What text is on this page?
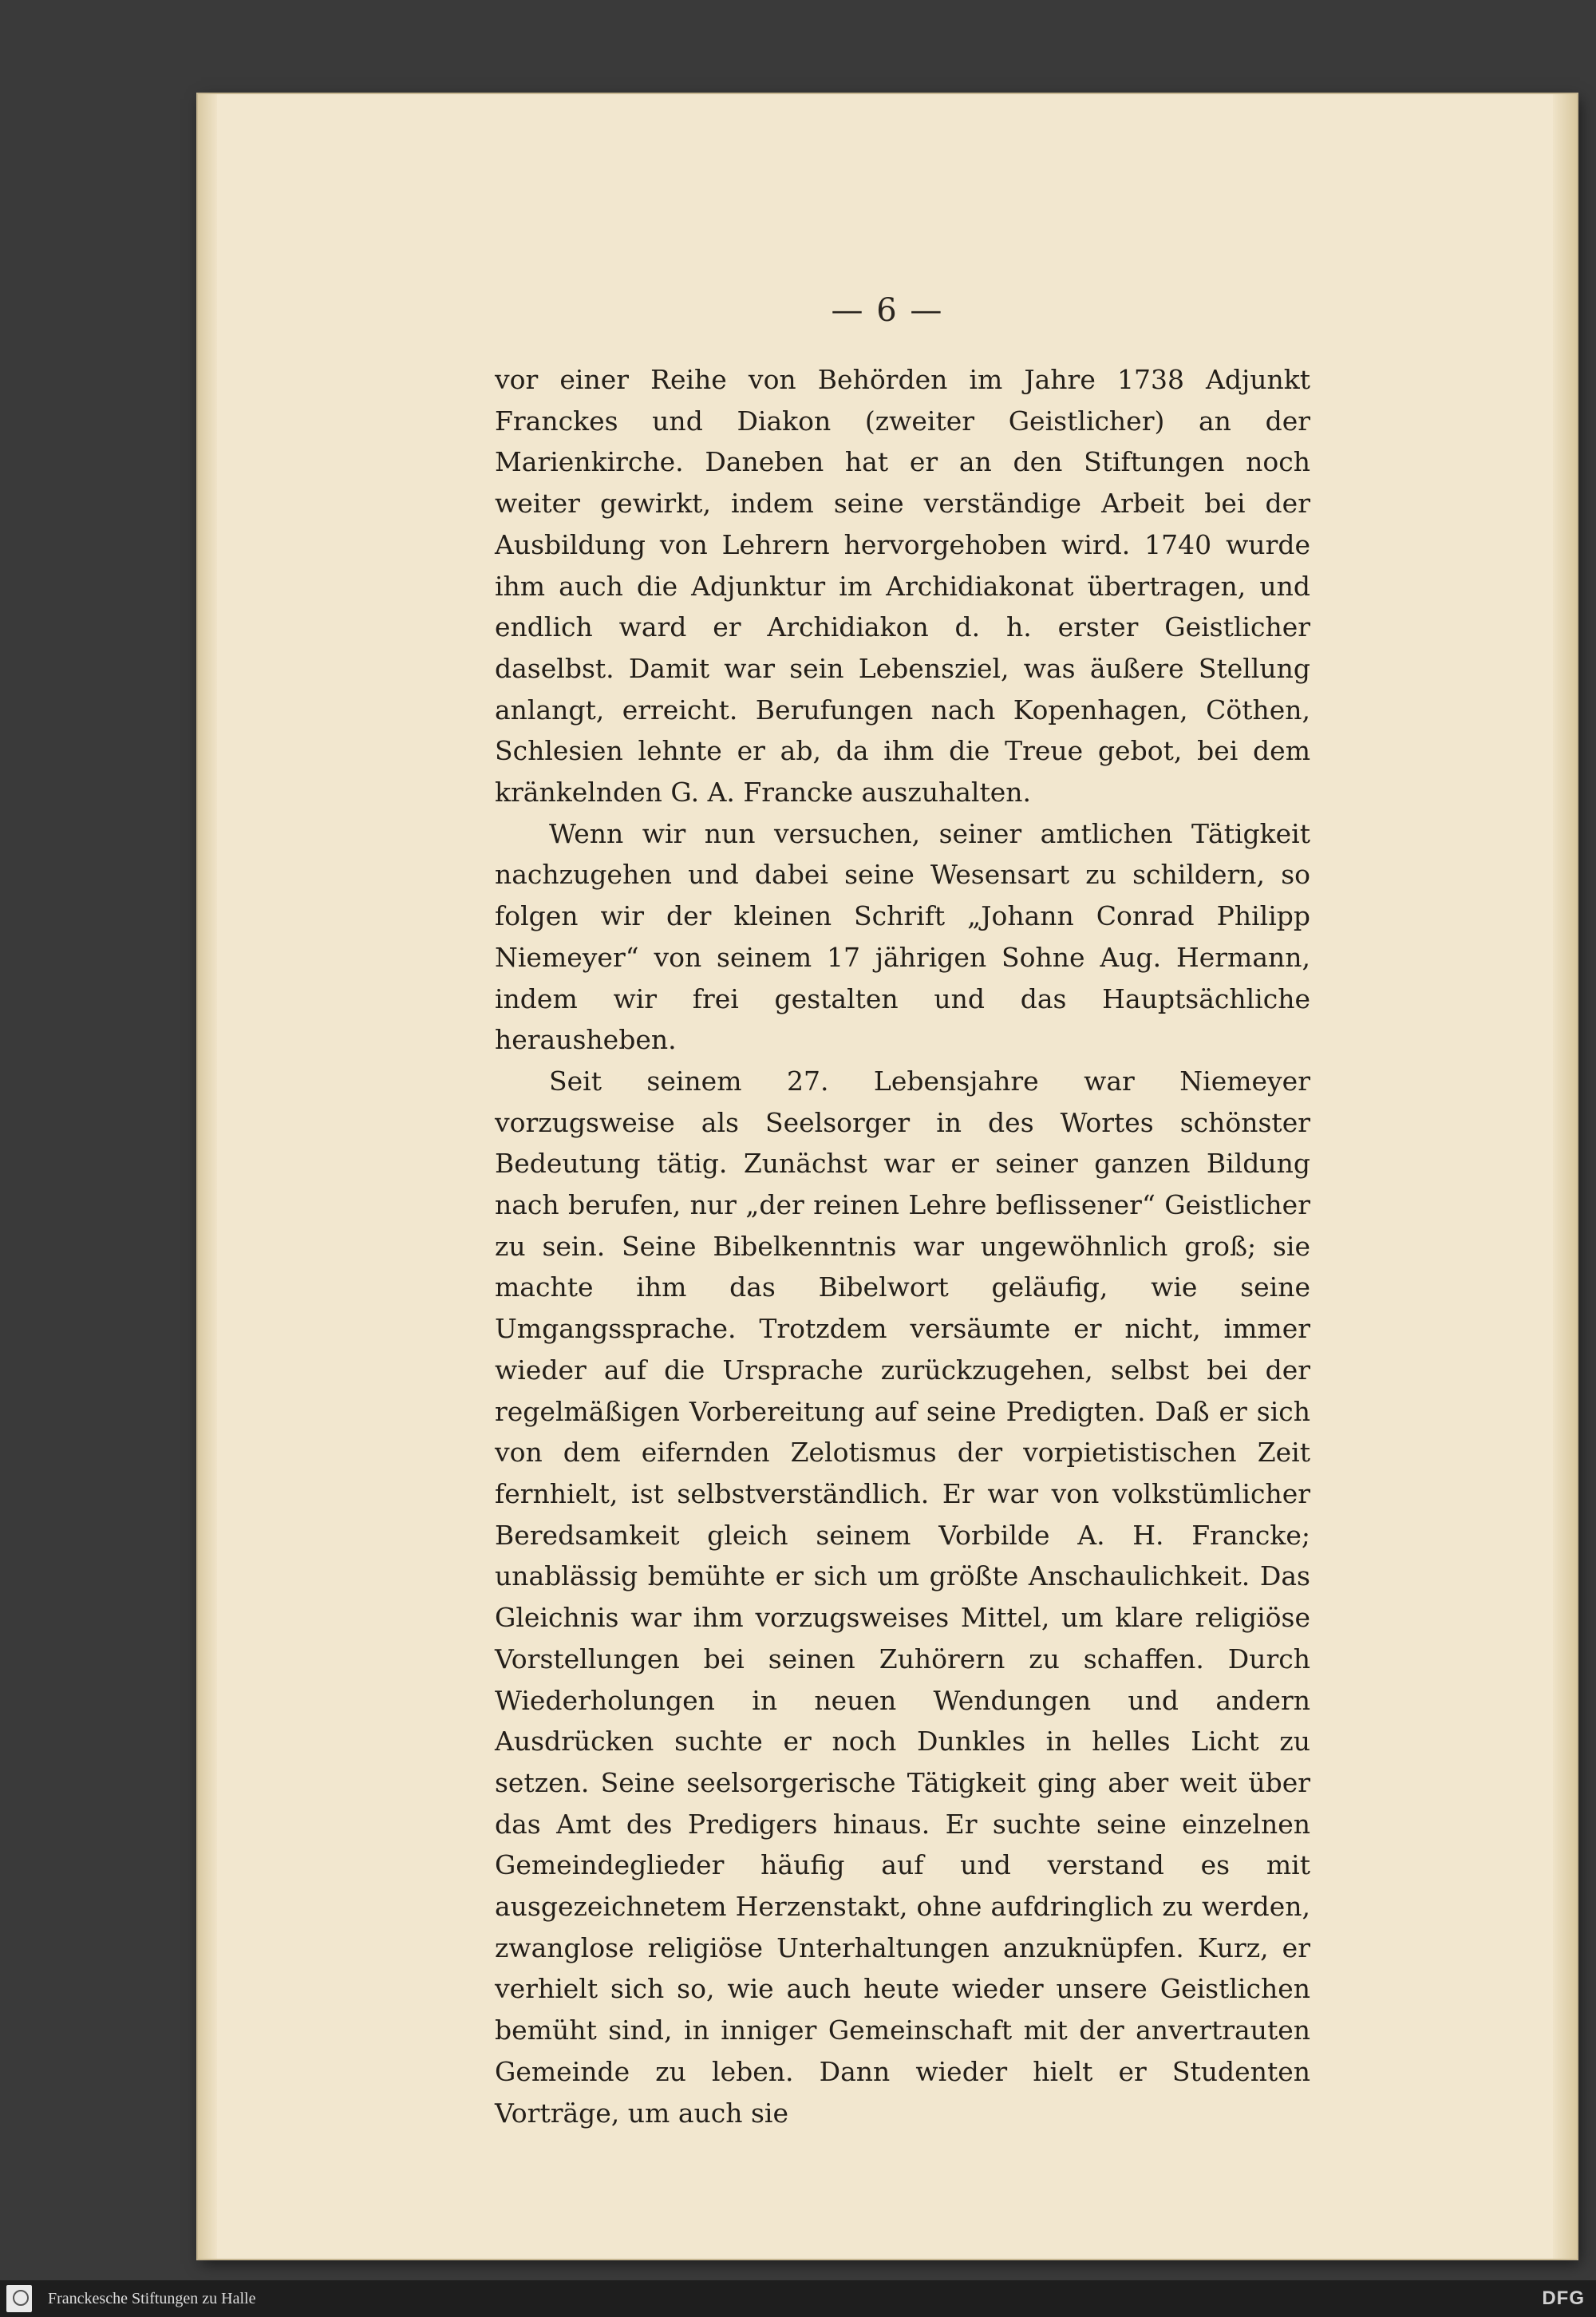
— 6 —

vor einer Reihe von Behörden im Jahre 1738 Adjunkt Franckes und Diakon (zweiter Geistlicher) an der Marienkirche. Daneben hat er an den Stiftungen noch weiter gewirkt, indem seine verständige Arbeit bei der Ausbildung von Lehrern hervorgehoben wird. 1740 wurde ihm auch die Adjunktur im Archidiakonat übertragen, und endlich ward er Archidiakon d. h. erster Geistlicher daselbst. Damit war sein Lebensziel, was äußere Stellung anlangt, erreicht. Berufungen nach Kopenhagen, Cöthen, Schlesien lehnte er ab, da ihm die Treue gebot, bei dem kränkelnden G. A. Francke auszuhalten.

Wenn wir nun versuchen, seiner amtlichen Tätigkeit nachzugehen und dabei seine Wesensart zu schildern, so folgen wir der kleinen Schrift „Johann Conrad Philipp Niemeyer“ von seinem 17 jährigen Sohne Aug. Hermann, indem wir frei gestalten und das Hauptsächliche herausheben.

Seit seinem 27. Lebensjahre war Niemeyer vorzugsweise als Seelsorger in des Wortes schönster Bedeutung tätig. Zunächst war er seiner ganzen Bildung nach berufen, nur „der reinen Lehre beflissener“ Geistlicher zu sein. Seine Bibelkenntnis war ungewöhnlich groß; sie machte ihm das Bibelwort geläufig, wie seine Umgangssprache. Trotzdem versäumte er nicht, immer wieder auf die Ursprache zurückzugehen, selbst bei der regelmäßigen Vorbereitung auf seine Predigten. Daß er sich von dem eifernden Zelotismus der vorpietistischen Zeit fernhielt, ist selbstverständlich. Er war von volkstümlicher Beredsamkeit gleich seinem Vorbilde A. H. Francke; unablässig bemühte er sich um größte Anschaulichkeit. Das Gleichnis war ihm vorzugsweises Mittel, um klare religiöse Vorstellungen bei seinen Zuhörern zu schaffen. Durch Wiederholungen in neuen Wendungen und andern Ausdrücken suchte er noch Dunkles in helles Licht zu setzen. Seine seelsorgerische Tätigkeit ging aber weit über das Amt des Predigers hinaus. Er suchte seine einzelnen Gemeindeglieder häufig auf und verstand es mit ausgezeichnetem Herzenstakt, ohne aufdringlich zu werden, zwanglose religiöse Unterhaltungen anzuknüpfen. Kurz, er verhielt sich so, wie auch heute wieder unsere Geistlichen bemüht sind, in inniger Gemeinschaft mit der anvertrauten Gemeinde zu leben. Dann wieder hielt er Studenten Vorträge, um auch sie

Franckesche Stiftungen zu Halle	DFG
